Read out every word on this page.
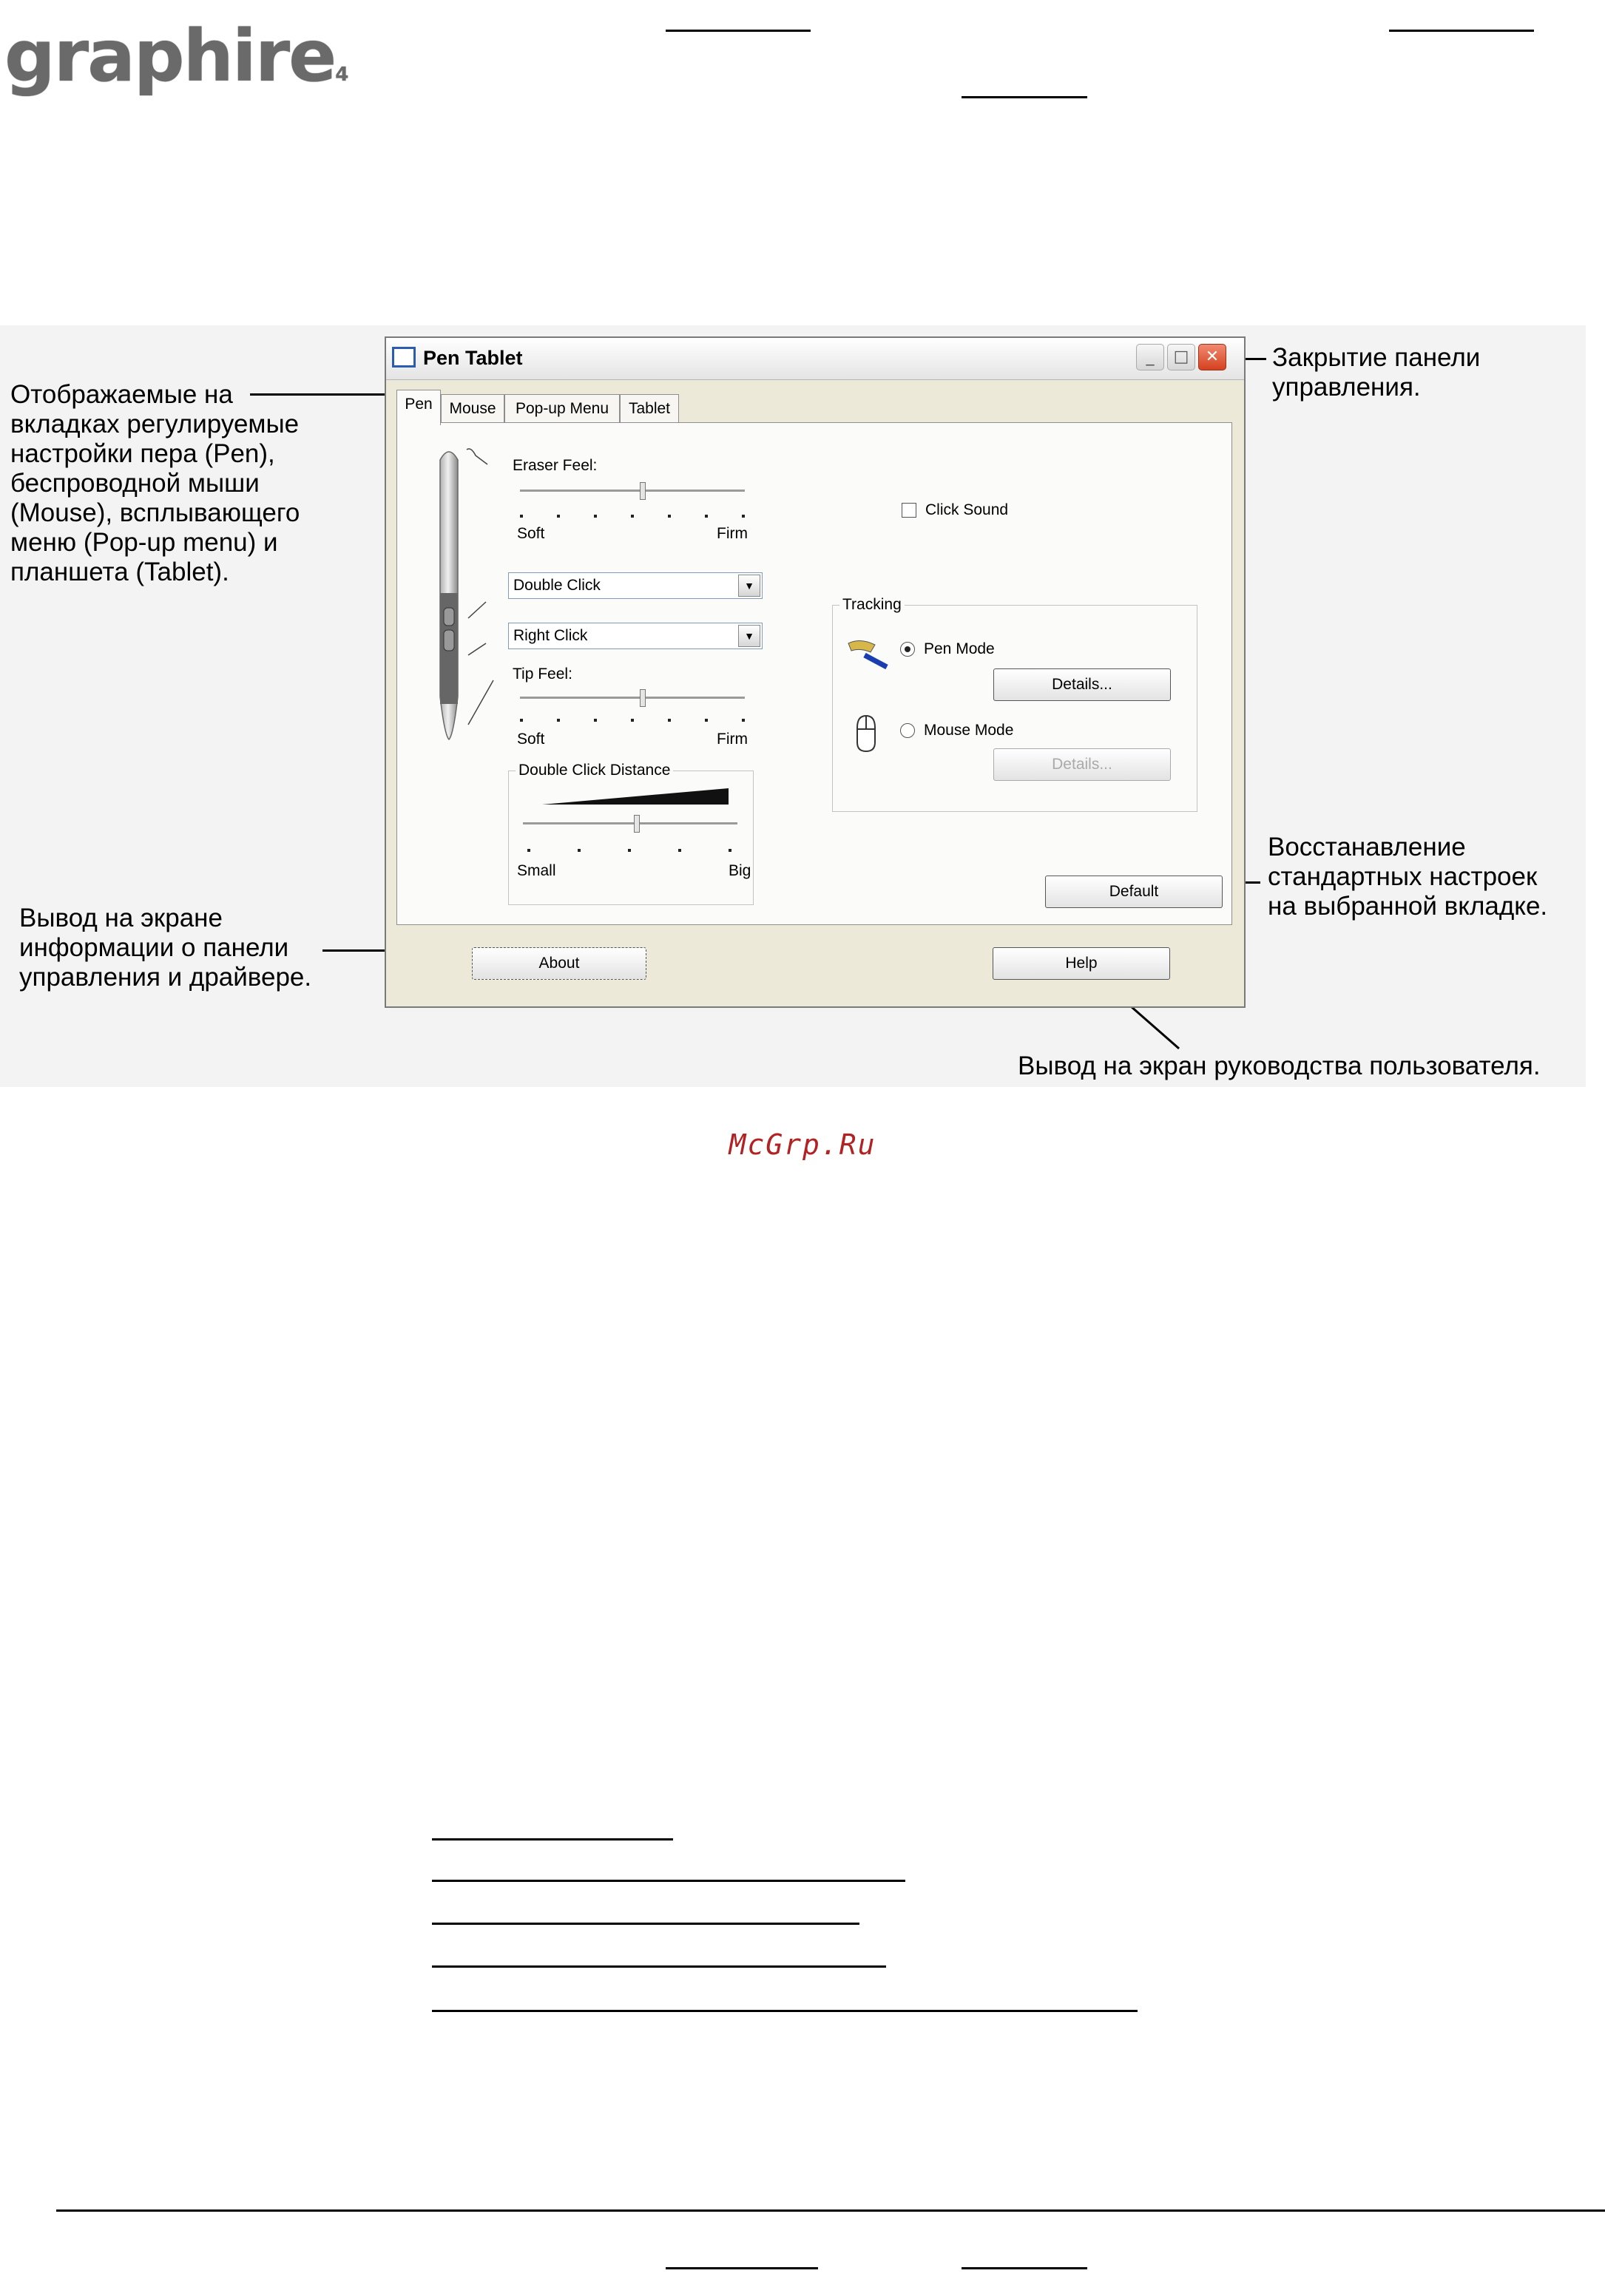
graphire4
Отображаемые на
вкладках регулируемые
настройки пера (Pen),
беспроводной мыши
(Mouse), всплывающего
меню (Pop-up menu) и
планшета (Tablet).
Закрытие панели
управления.
Восстанавление
стандартных настроек
на выбранной вкладке.
Вывод на экране
информации о панели
управления и драйвере.
Вывод на экран руководства пользователя.
Pen Tablet	_	□	✕
Pen	Mouse	Pop-up Menu	Tablet
Eraser Feel:
Soft	Firm
Click Sound
Double Click	▼
Right Click	▼
Tip Feel:
Soft	Firm
Double Click Distance
Small	Big
Tracking
Pen Mode
Details...
Mouse Mode
Details...
Default
About	Help
McGrp.Ru
